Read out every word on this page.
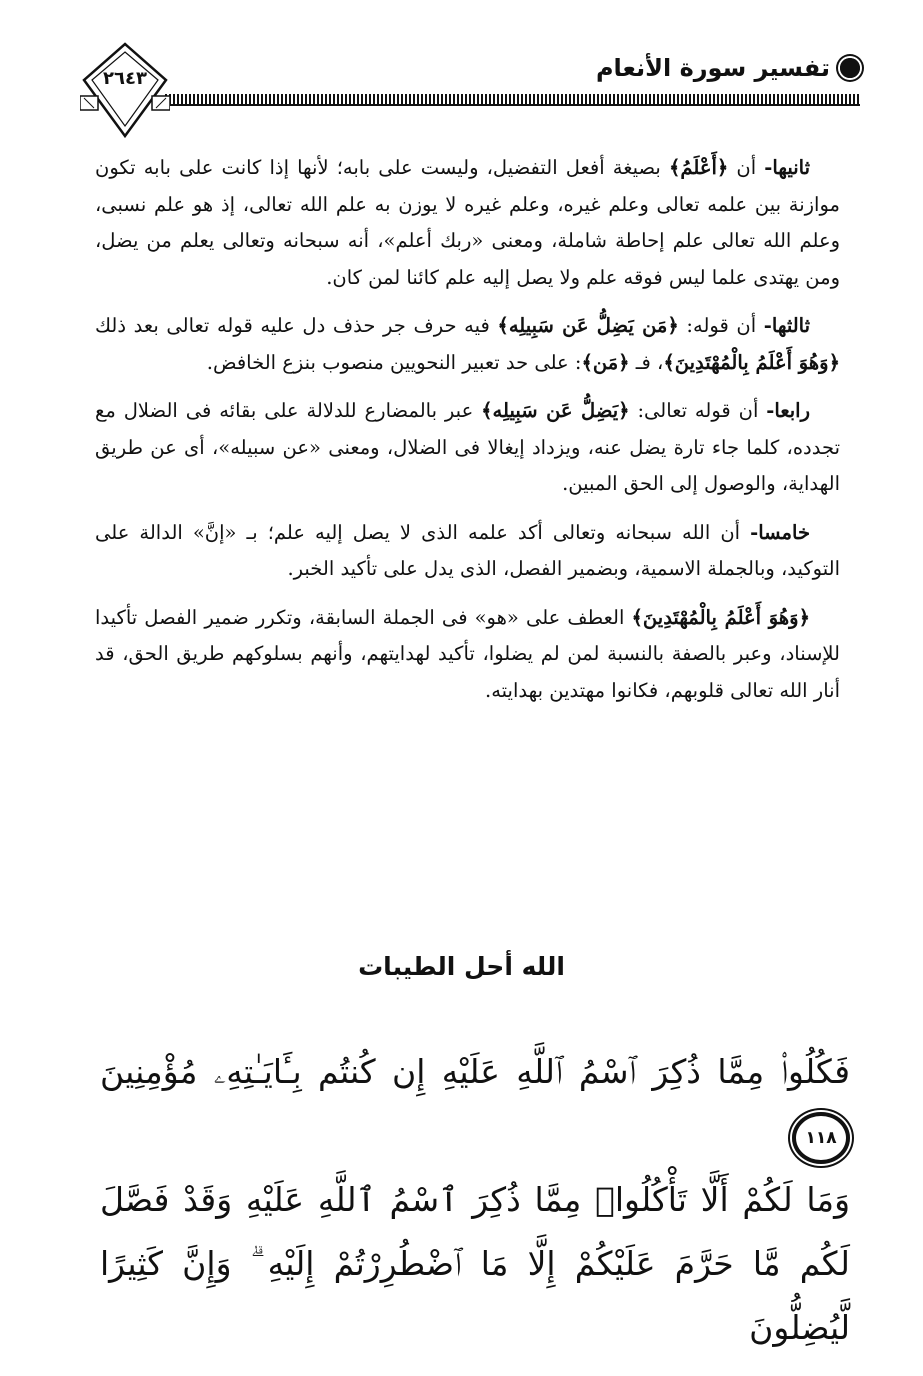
تفسير سورة الأنعام
٢٦٤٣

ثانيها- أن ﴿أَعْلَمُ﴾ بصيغة أفعل التفضيل، وليست على بابه؛ لأنها إذا كانت على بابه تكون موازنة بين علمه تعالى وعلم غيره، وعلم غيره لا يوزن به علم الله تعالى، إذ هو علم نسبى، وعلم الله تعالى علم إحاطة شاملة، ومعنى «ربك أعلم»، أنه سبحانه وتعالى يعلم من يضل، ومن يهتدى علما ليس فوقه علم ولا يصل إليه علم كائنا لمن كان.

ثالثها- أن قوله: ﴿مَن يَضِلُّ عَن سَبِيلِه﴾ فيه حرف جر حذف دل عليه قوله تعالى بعد ذلك ﴿وَهُوَ أَعْلَمُ بِالْمُهْتَدِينَ﴾، فـ ﴿مَن﴾: على حد تعبير النحويين منصوب بنزع الخافض.

رابعا- أن قوله تعالى: ﴿يَضِلُّ عَن سَبِيلِه﴾ عبر بالمضارع للدلالة على بقائه فى الضلال مع تجدده، كلما جاء تارة يضل عنه، ويزداد إيغالا فى الضلال، ومعنى «عن سبيله»، أى عن طريق الهداية، والوصول إلى الحق المبين.

خامسا- أن الله سبحانه وتعالى أكد علمه الذى لا يصل إليه علم؛ بـ «إنَّ» الدالة على التوكيد، وبالجملة الاسمية، وبضمير الفصل، الذى يدل على تأكيد الخبر.

﴿وَهُوَ أَعْلَمُ بِالْمُهْتَدِينَ﴾ العطف على «هو» فى الجملة السابقة، وتكرر ضمير الفصل تأكيدا للإسناد، وعبر بالصفة بالنسبة لمن لم يضلوا، تأكيد لهدايتهم، وأنهم بسلوكهم طريق الحق، قد أنار الله تعالى قلوبهم، فكانوا مهتدين بهدايته.

الله أحل الطيبات
فَكُلُوا۟ مِمَّا ذُكِرَ ٱسْمُ ٱللَّهِ عَلَيْهِ إِن كُنتُم بِـَٔايَـٰتِهِۦ مُؤْمِنِينَ ١١٨
وَمَا لَكُمْ أَلَّا تَأْكُلُوا۟ مِمَّا ذُكِرَ ٱسْمُ ٱللَّهِ عَلَيْهِ وَقَدْ فَصَّلَ
لَكُم مَّا حَرَّمَ عَلَيْكُمْ إِلَّا مَا ٱضْطُرِرْتُمْ إِلَيْهِ ۗ وَإِنَّ كَثِيرًا لَّيُضِلُّونَ
